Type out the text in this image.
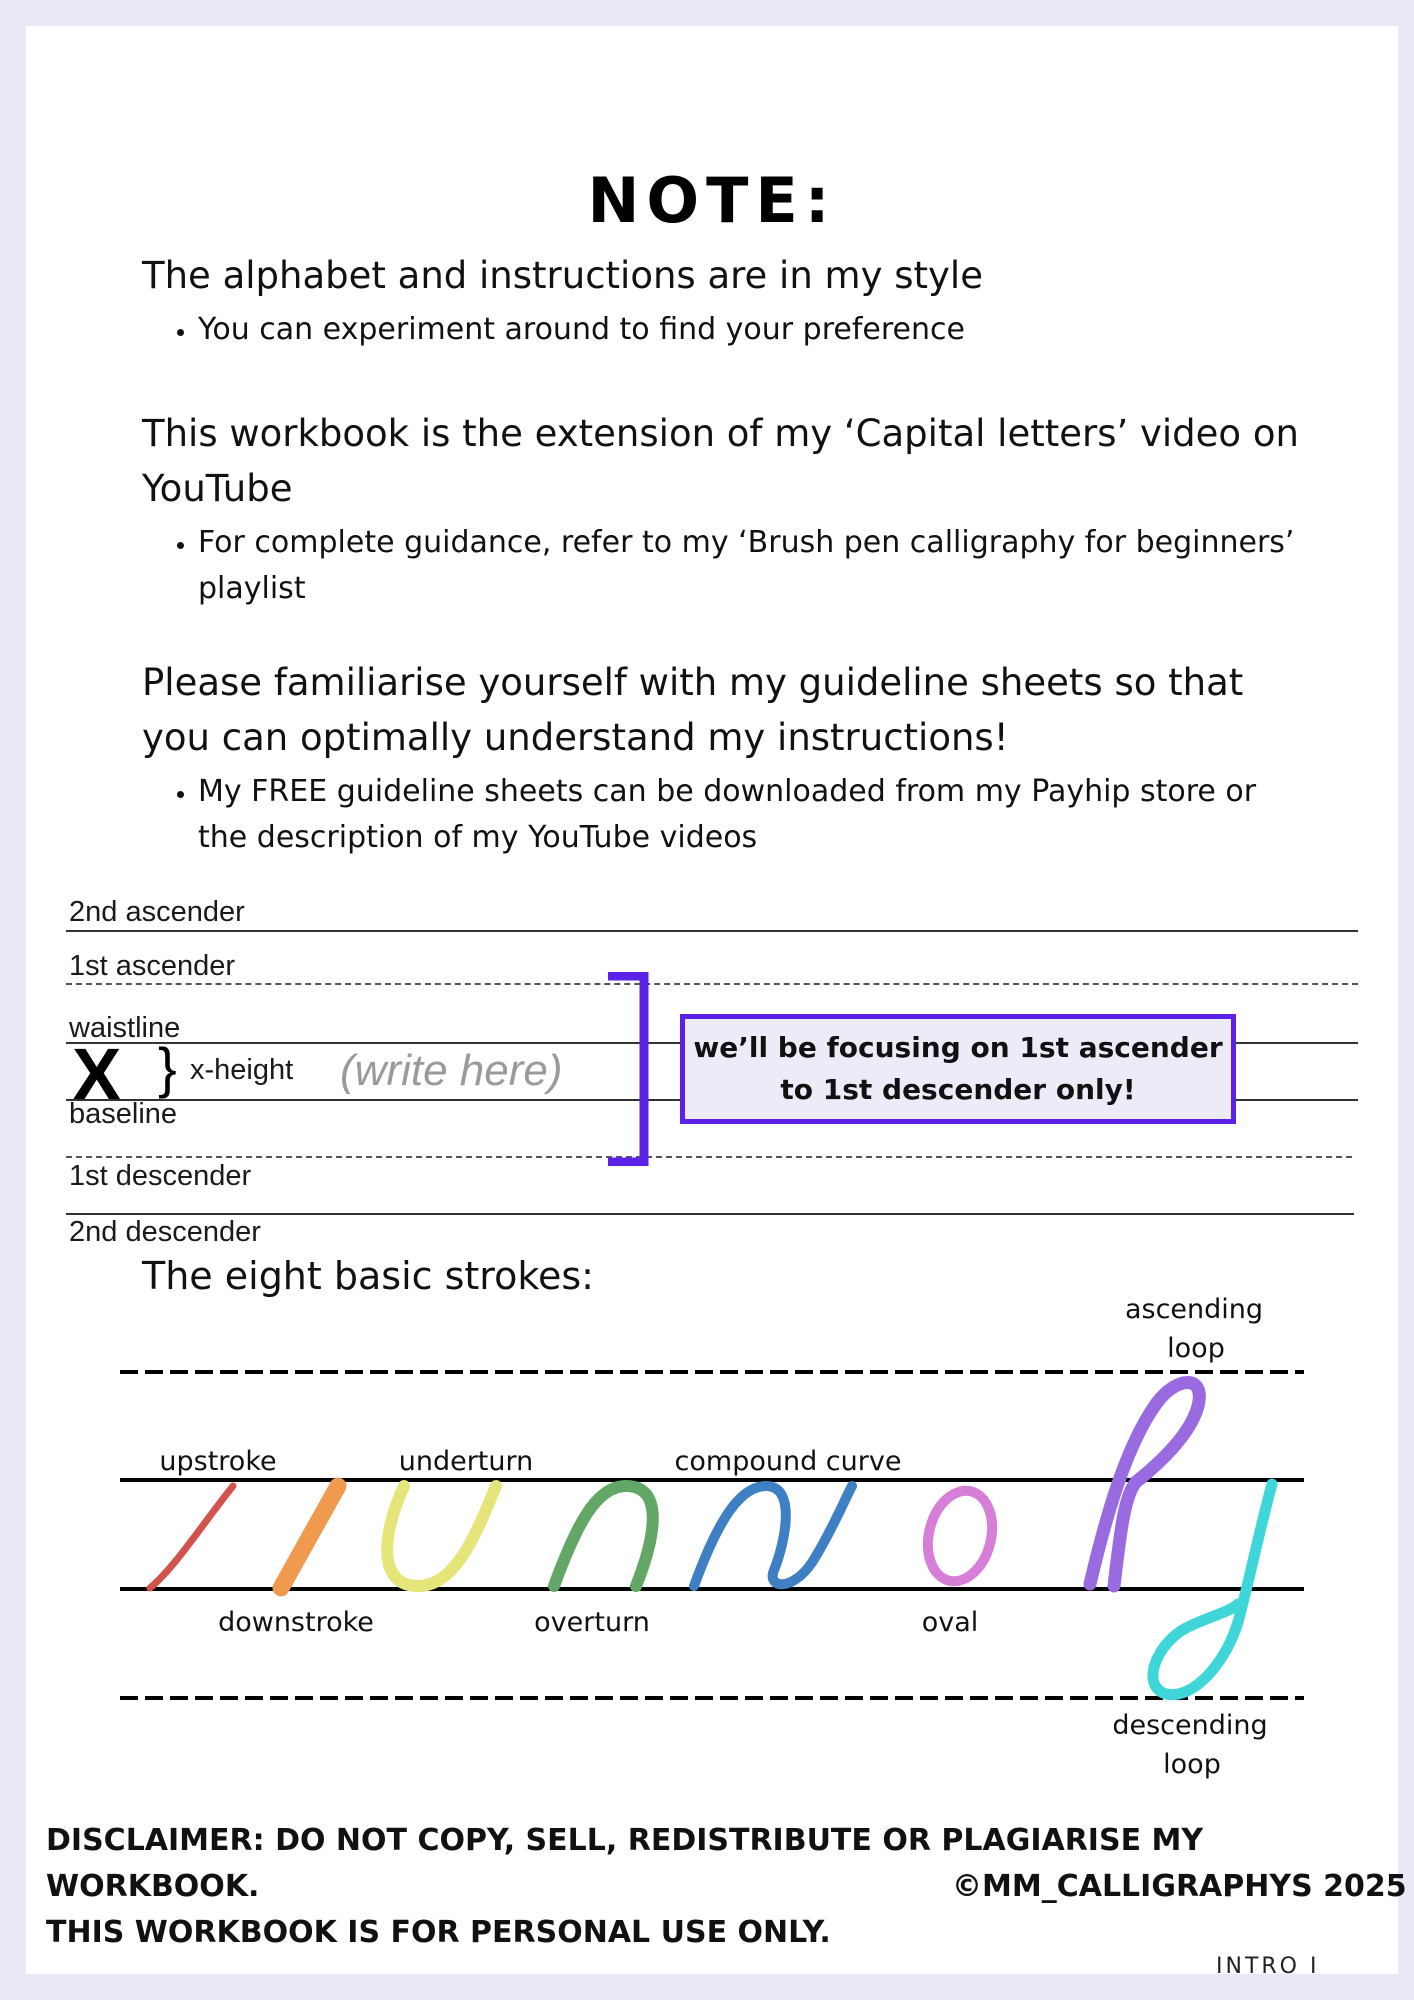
NOTE:
The alphabet and instructions are in my style
• You can experiment around to find your preference
This workbook is the extension of my ‘Capital letters’ video on YouTube
• For complete guidance, refer to my ‘Brush pen calligraphy for beginners’ playlist
Please familiarise yourself with my guideline sheets so that you can optimally understand my instructions!
• My FREE guideline sheets can be downloaded from my Payhip store or the description of my YouTube videos
2nd ascender
1st ascender
waistline
X } x-height (write here)
baseline
1st descender
2nd descender
we’ll be focusing on 1st ascender to 1st descender only!
The eight basic strokes:
upstroke
downstroke
underturn
overturn
compound curve
oval
ascending
loop
descending
loop
DISCLAIMER: DO NOT COPY, SELL, REDISTRIBUTE OR PLAGIARISE MY WORKBOOK.
THIS WORKBOOK IS FOR PERSONAL USE ONLY.
©MM_CALLIGRAPHYS 2025
INTRO I
